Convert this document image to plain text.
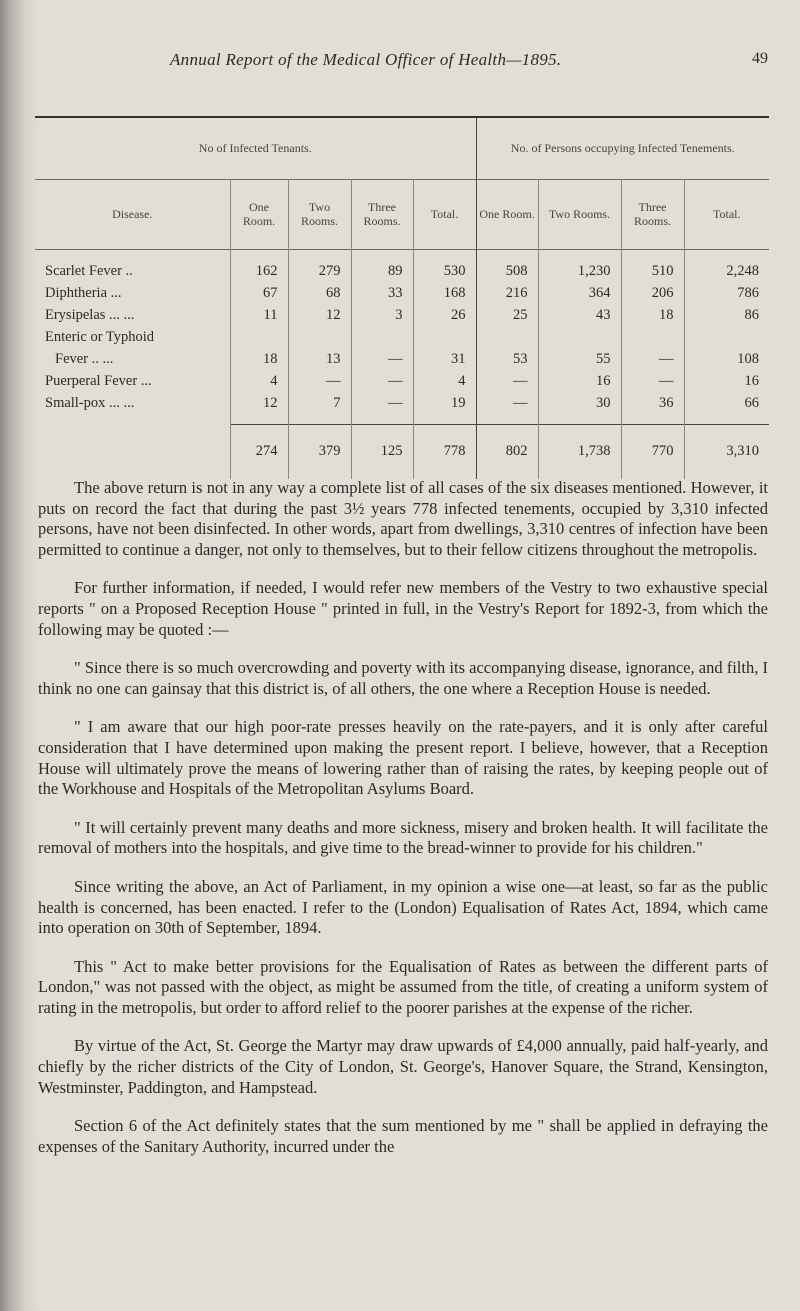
Annual Report of the Medical Officer of Health—1895.	49
No of Infected Tenants.					No. of Persons occupying Infected Tenements.			
Disease.	One Room.	Two Rooms.	Three Rooms.	Total.	One Room.	Two Rooms.	Three Rooms.	Total.

Scarlet Fever ..	162	279	89	530	508	1,230	510	2,248
Diphtheria ...	67	68	33	168	216	364	206	786
Erysipelas ... ...	11	12	3	26	25	43	18	86
Enteric or Typhoid								
Fever .. ...	18	13	—	31	53	55	—	108
Puerperal Fever ...	4	—	—	4	—	16	—	16
Small-pox ... ...	12	7	—	19	—	30	36	66

	274	379	125	778	802	1,738	770	3,310

The above return is not in any way a complete list of all cases of the six diseases mentioned. However, it puts on record the fact that during the past 3½ years 778 infected tenements, occupied by 3,310 infected persons, have not been disinfected. In other words, apart from dwellings, 3,310 centres of infection have been permitted to continue a danger, not only to themselves, but to their fellow citizens throughout the metropolis.

For further information, if needed, I would refer new members of the Vestry to two exhaustive special reports " on a Proposed Reception House " printed in full, in the Vestry's Report for 1892-3, from which the following may be quoted :—

" Since there is so much overcrowding and poverty with its accompanying disease, ignorance, and filth, I think no one can gainsay that this district is, of all others, the one where a Reception House is needed.

" I am aware that our high poor-rate presses heavily on the rate-payers, and it is only after careful consideration that I have determined upon making the present report. I believe, however, that a Reception House will ultimately prove the means of lowering rather than of raising the rates, by keeping people out of the Workhouse and Hospitals of the Metropolitan Asylums Board.

" It will certainly prevent many deaths and more sickness, misery and broken health. It will facilitate the removal of mothers into the hospitals, and give time to the bread-winner to provide for his children."

Since writing the above, an Act of Parliament, in my opinion a wise one—at least, so far as the public health is concerned, has been enacted. I refer to the (London) Equalisation of Rates Act, 1894, which came into operation on 30th of September, 1894.

This " Act to make better provisions for the Equalisation of Rates as between the different parts of London," was not passed with the object, as might be assumed from the title, of creating a uniform system of rating in the metropolis, but order to afford relief to the poorer parishes at the expense of the richer.

By virtue of the Act, St. George the Martyr may draw upwards of £4,000 annually, paid half-yearly, and chiefly by the richer districts of the City of London, St. George's, Hanover Square, the Strand, Kensington, Westminster, Paddington, and Hampstead.

Section 6 of the Act definitely states that the sum mentioned by me " shall be applied in defraying the expenses of the Sanitary Authority, incurred under the
